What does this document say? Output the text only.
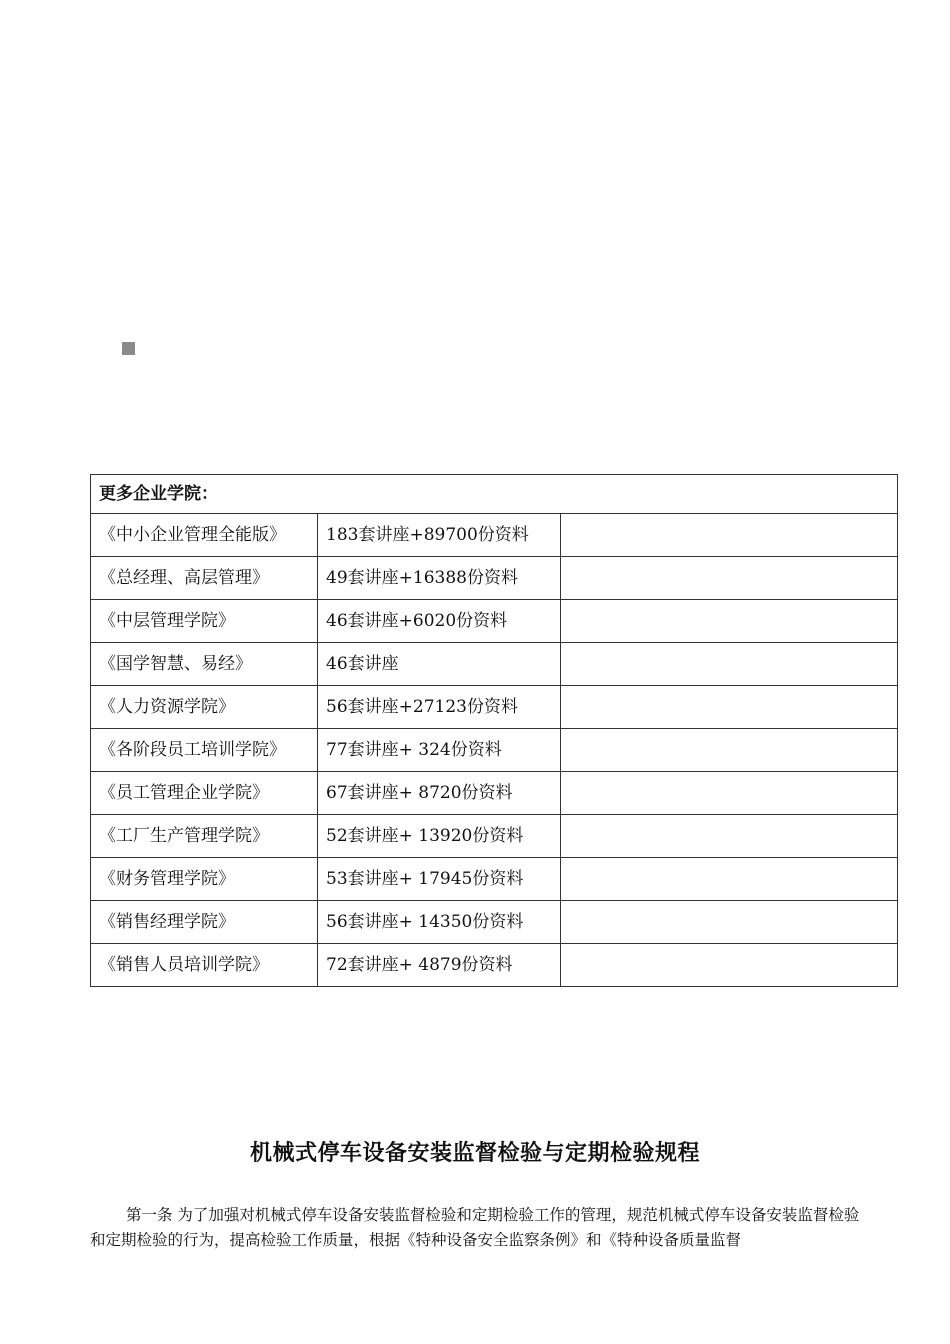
更多企业学院：		
《中小企业管理全能版》	183套讲座+89700份资料	
《总经理、高层管理》	49套讲座+16388份资料	
《中层管理学院》	46套讲座+6020份资料	
《国学智慧、易经》	46套讲座	
《人力资源学院》	56套讲座+27123份资料	
《各阶段员工培训学院》	77套讲座+ 324份资料	
《员工管理企业学院》	67套讲座+ 8720份资料	
《工厂生产管理学院》	52套讲座+ 13920份资料	
《财务管理学院》	53套讲座+ 17945份资料	
《销售经理学院》	56套讲座+ 14350份资料	
《销售人员培训学院》	72套讲座+ 4879份资料	
机械式停车设备安装监督检验与定期检验规程
第一条 为了加强对机械式停车设备安装监督检验和定期检验工作的管理，规范机械式停车设备安装监督检验和定期检验的行为，提高检验工作质量，根据《特种设备安全监察条例》和《特种设备质量监督
